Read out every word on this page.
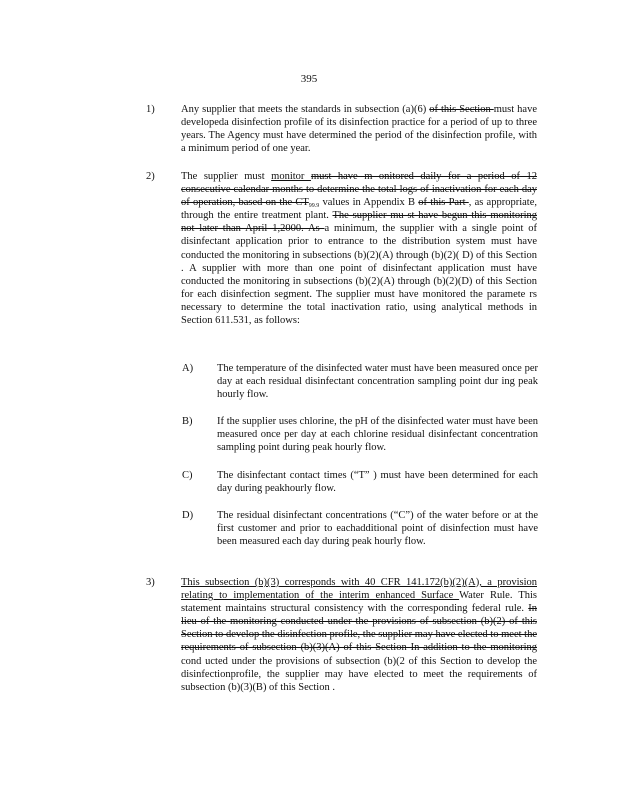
395
1)	Any supplier that meets the standards in subsection (a)(6) of this Section must have developeda disinfection profile of its disinfection practice for a period of up to three years. The Agency must have determined the period of the disinfection profile, with a minimum period of one year.
2)	The supplier must monitor must have m onitored daily for a period of 12 consecutive calendar months to determine the total logs of inactivation for each day of operation, based on the $CT_{99.9}$ values in Appendix B of this Part , as appropriate, through the entire treatment plant. The supplier mu st have begun this monitoring not later than April 1,2000. As a minimum, the supplier with a single point of disinfectant application prior to entrance to the distribution system must have conducted the monitoring in subsections (b)(2)(A) through (b)(2)( D) of this Section . A supplier with more than one point of disinfectant application must have conducted the monitoring in subsections (b)(2)(A) through (b)(2)(D) of this Section for each disinfection segment. The supplier must have monitored the paramete rs necessary to determine the total inactivation ratio, using analytical methods in Section 611.531, as follows:
A) The temperature of the disinfected water must have been measured once per day at each residual disinfectant concentration sampling point dur ing peak hourly flow.
B) If the supplier uses chlorine, the pH of the disinfected water must have been measured once per day at each chlorine residual disinfectant concentration sampling point during peak hourly flow.
C) The disinfectant contact times (“T” ) must have been determined for each day during peakhourly flow.
D) The residual disinfectant concentrations (“C”) of the water before or at the first customer and prior to eachadditional point of disinfection must have been measured each day during peak hourly flow.
3)	This subsection (b)(3) corresponds with 40 CFR 141.172(b)(2)(A), a provision relating to implementation of the interim enhanced Surface Water Rule. This statement maintains structural consistency with the corresponding federal rule. In lieu of the monitoring conducted under the provisions of subsection (b)(2) of this Section to develop the disinfection profile, the supplier may have elected to meet the requirements of subsection (b)(3)(A) of this Section In addition to the monitoring cond ucted under the provisions of subsection (b)(2 of this Section to develop the disinfectionprofile, the supplier may have elected to meet the requirements of subsection (b)(3)(B) of this Section .
